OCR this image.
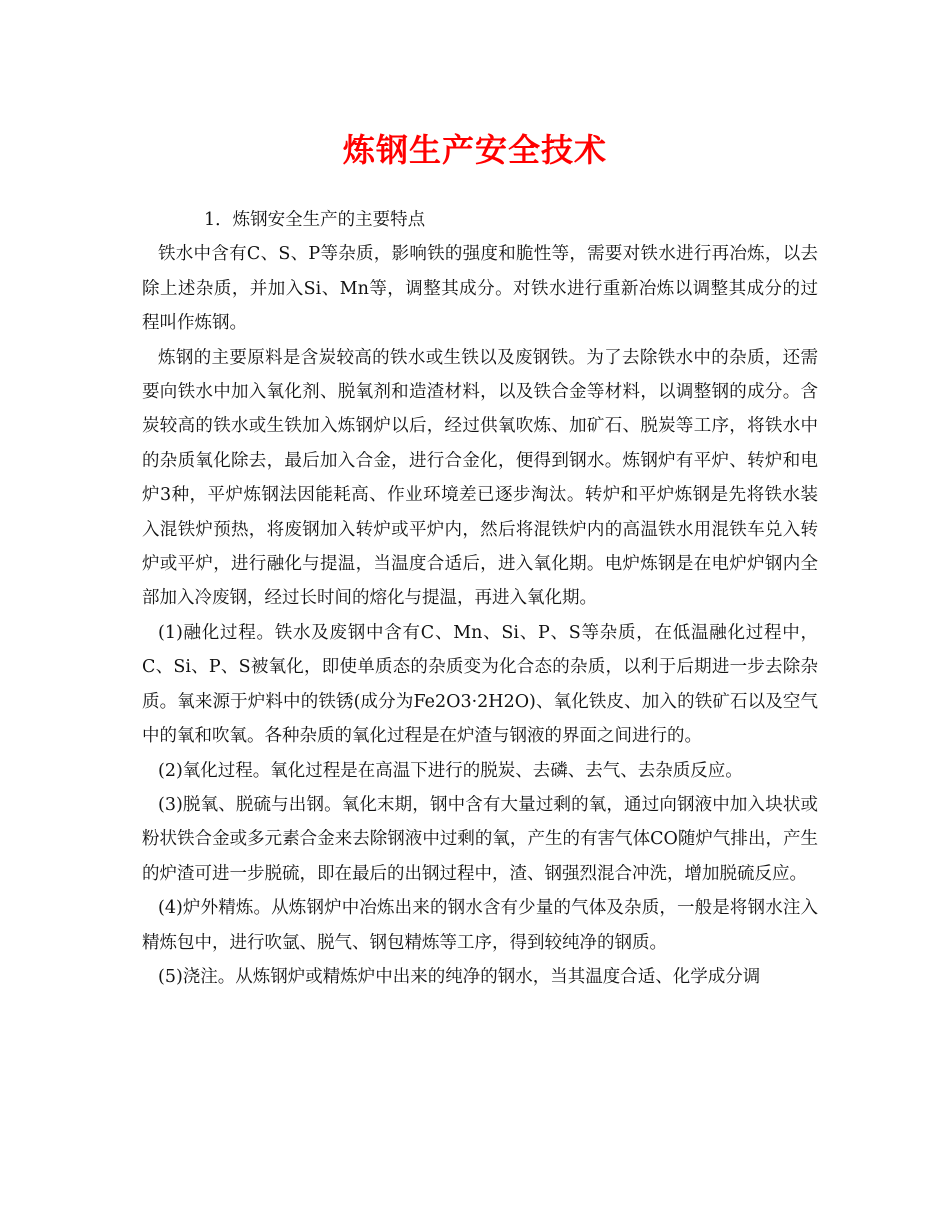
炼钢生产安全技术

1．炼钢安全生产的主要特点

铁水中含有C、S、P等杂质，影响铁的强度和脆性等，需要对铁水进行再冶炼，以去除上述杂质，并加入Si、Mn等，调整其成分。对铁水进行重新冶炼以调整其成分的过程叫作炼钢。

炼钢的主要原料是含炭较高的铁水或生铁以及废钢铁。为了去除铁水中的杂质，还需要向铁水中加入氧化剂、脱氧剂和造渣材料，以及铁合金等材料，以调整钢的成分。含炭较高的铁水或生铁加入炼钢炉以后，经过供氧吹炼、加矿石、脱炭等工序，将铁水中的杂质氧化除去，最后加入合金，进行合金化，便得到钢水。炼钢炉有平炉、转炉和电炉3种，平炉炼钢法因能耗高、作业环境差已逐步淘汰。转炉和平炉炼钢是先将铁水装入混铁炉预热，将废钢加入转炉或平炉内，然后将混铁炉内的高温铁水用混铁车兑入转炉或平炉，进行融化与提温，当温度合适后，进入氧化期。电炉炼钢是在电炉炉钢内全部加入冷废钢，经过长时间的熔化与提温，再进入氧化期。

(1)融化过程。铁水及废钢中含有C、Mn、Si、P、S等杂质，在低温融化过程中，C、Si、P、S被氧化，即使单质态的杂质变为化合态的杂质，以利于后期进一步去除杂质。氧来源于炉料中的铁锈(成分为Fe2O3·2H2O)、氧化铁皮、加入的铁矿石以及空气中的氧和吹氧。各种杂质的氧化过程是在炉渣与钢液的界面之间进行的。

(2)氧化过程。氧化过程是在高温下进行的脱炭、去磷、去气、去杂质反应。

(3)脱氧、脱硫与出钢。氧化末期，钢中含有大量过剩的氧，通过向钢液中加入块状或粉状铁合金或多元素合金来去除钢液中过剩的氧，产生的有害气体CO随炉气排出，产生的炉渣可进一步脱硫，即在最后的出钢过程中，渣、钢强烈混合冲洗，增加脱硫反应。

(4)炉外精炼。从炼钢炉中冶炼出来的钢水含有少量的气体及杂质，一般是将钢水注入精炼包中，进行吹氩、脱气、钢包精炼等工序，得到较纯净的钢质。

(5)浇注。从炼钢炉或精炼炉中出来的纯净的钢水，当其温度合适、化学成分调
